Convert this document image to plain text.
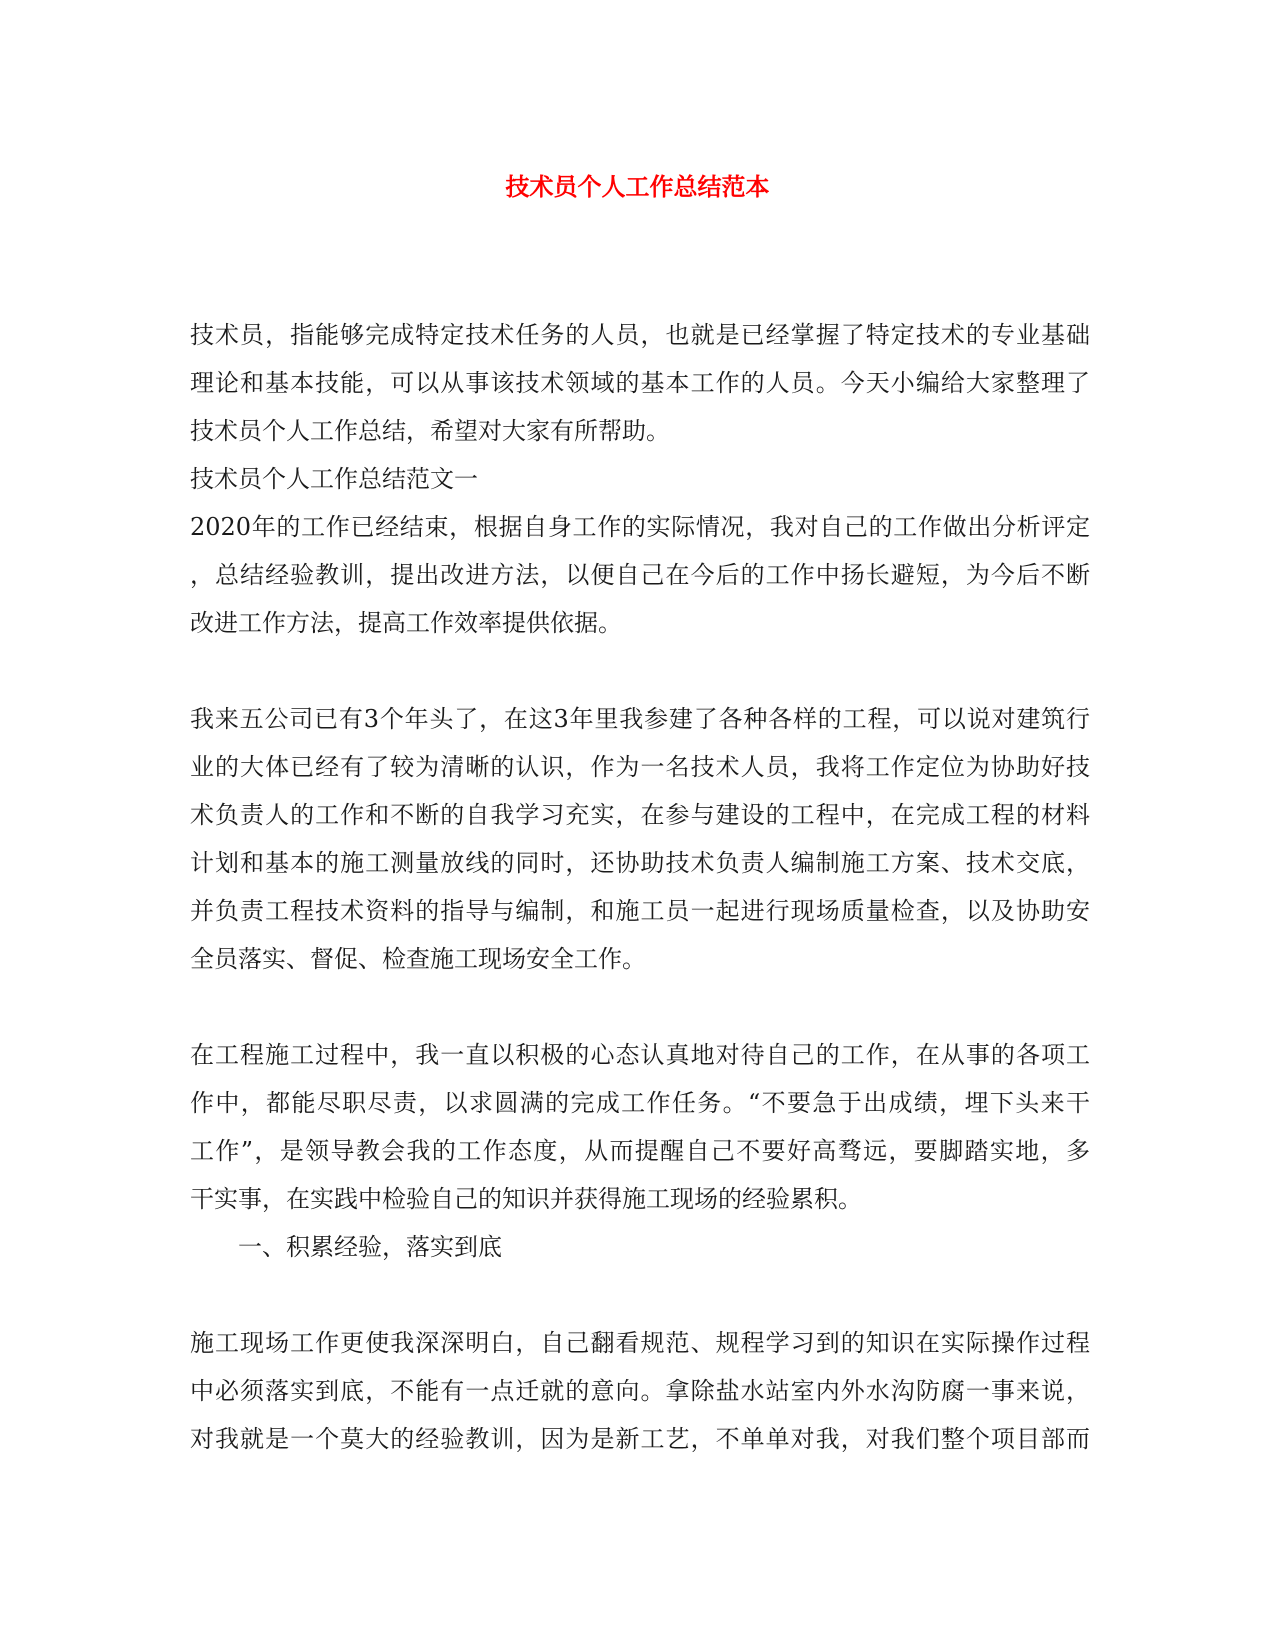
技术员个人工作总结范本
技术员，指能够完成特定技术任务的人员，也就是已经掌握了特定技术的专业基础
理论和基本技能，可以从事该技术领域的基本工作的人员。今天小编给大家整理了
技术员个人工作总结，希望对大家有所帮助。
技术员个人工作总结范文一
2020年的工作已经结束，根据自身工作的实际情况，我对自己的工作做出分析评定
，总结经验教训，提出改进方法，以便自己在今后的工作中扬长避短，为今后不断
改进工作方法，提高工作效率提供依据。
我来五公司已有3个年头了，在这3年里我参建了各种各样的工程，可以说对建筑行
业的大体已经有了较为清晰的认识，作为一名技术人员，我将工作定位为协助好技
术负责人的工作和不断的自我学习充实，在参与建设的工程中，在完成工程的材料
计划和基本的施工测量放线的同时，还协助技术负责人编制施工方案、技术交底，
并负责工程技术资料的指导与编制，和施工员一起进行现场质量检查，以及协助安
全员落实、督促、检查施工现场安全工作。
在工程施工过程中，我一直以积极的心态认真地对待自己的工作，在从事的各项工
作中，都能尽职尽责，以求圆满的完成工作任务。“不要急于出成绩，埋下头来干
工作”，是领导教会我的工作态度，从而提醒自己不要好高骛远，要脚踏实地，多
干实事，在实践中检验自己的知识并获得施工现场的经验累积。
一、积累经验，落实到底
施工现场工作更使我深深明白，自己翻看规范、规程学习到的知识在实际操作过程
中必须落实到底，不能有一点迁就的意向。拿除盐水站室内外水沟防腐一事来说，
对我就是一个莫大的经验教训，因为是新工艺，不单单对我，对我们整个项目部而
